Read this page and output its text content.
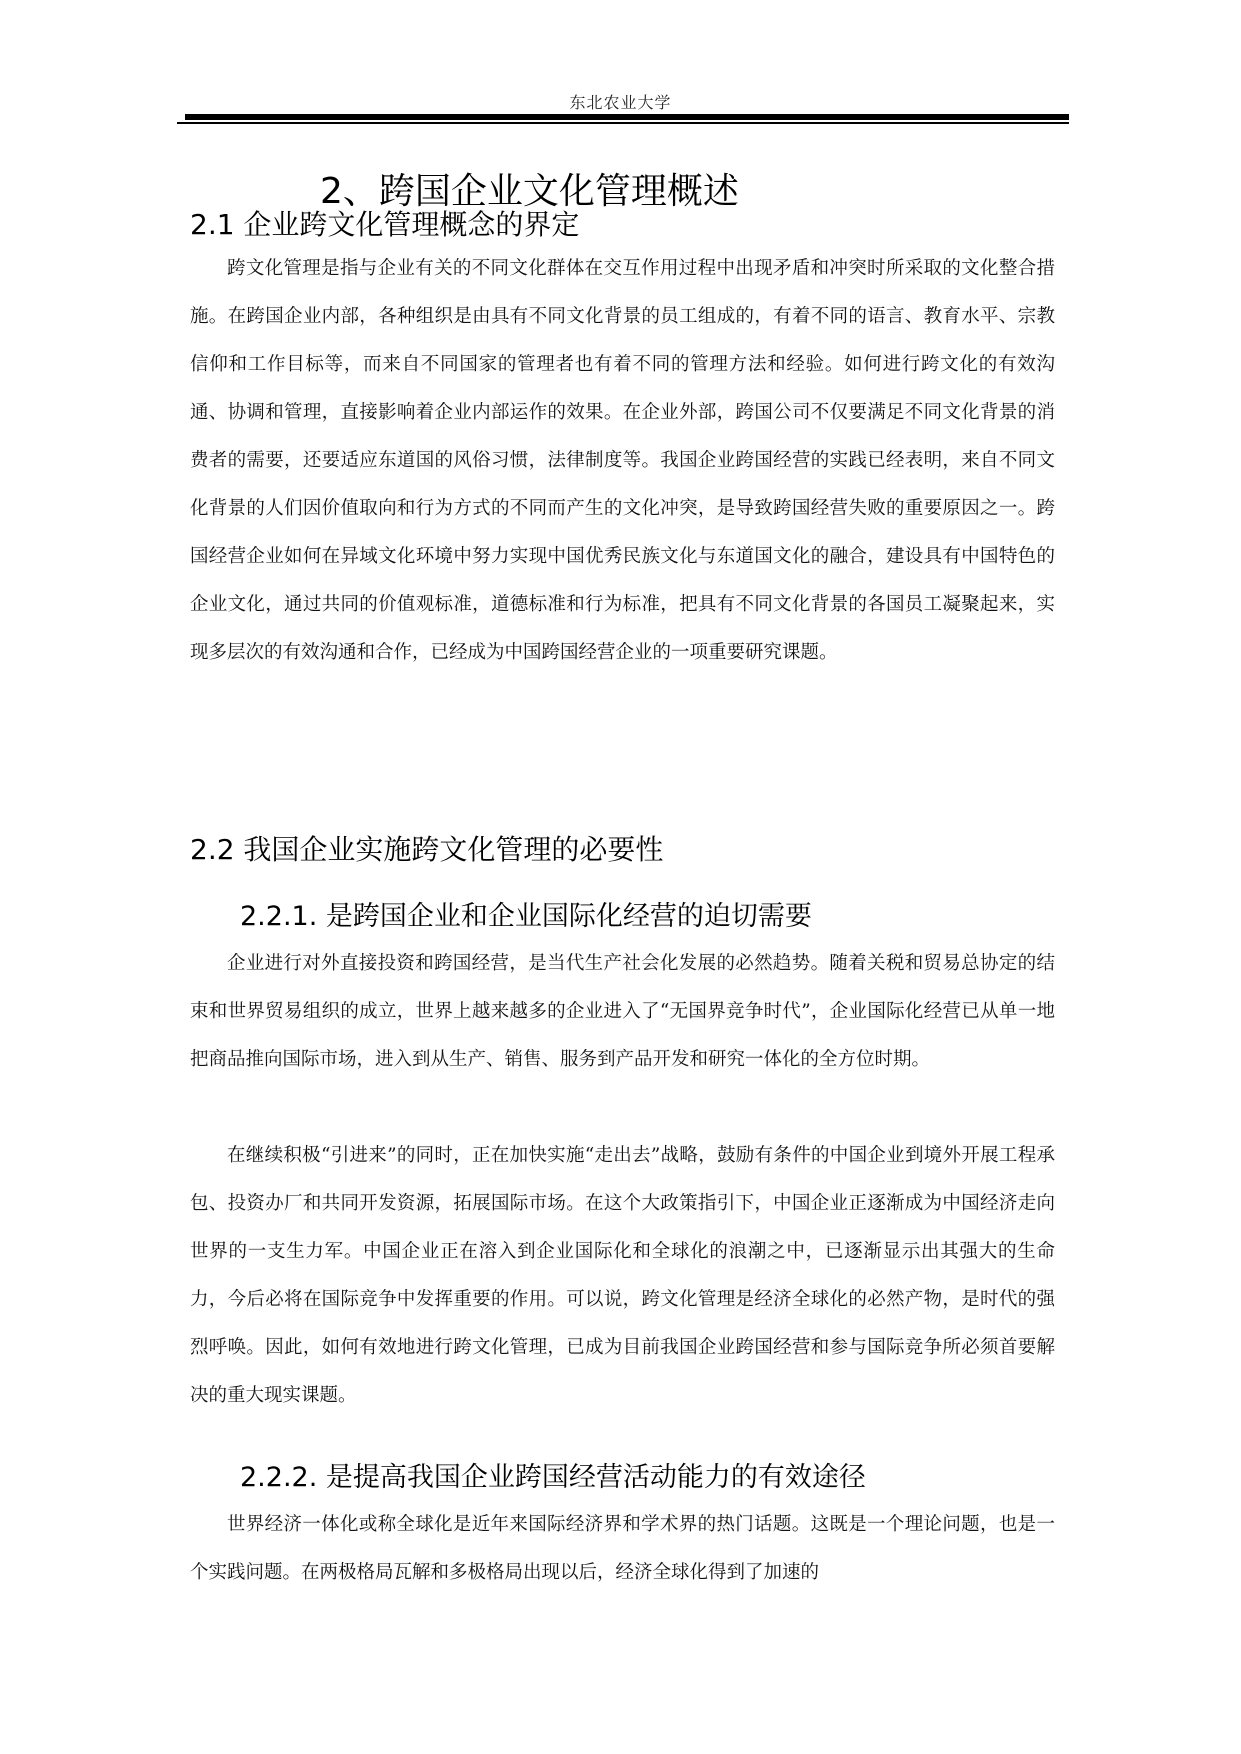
东北农业大学
2、跨国企业文化管理概述
2.1 企业跨文化管理概念的界定

跨文化管理是指与企业有关的不同文化群体在交互作用过程中出现矛盾和冲突时所采取的文化整合措施。在跨国企业内部，各种组织是由具有不同文化背景的员工组成的，有着不同的语言、教育水平、宗教信仰和工作目标等，而来自不同国家的管理者也有着不同的管理方法和经验。如何进行跨文化的有效沟通、协调和管理，直接影响着企业内部运作的效果。在企业外部，跨国公司不仅要满足不同文化背景的消费者的需要，还要适应东道国的风俗习惯，法律制度等。我国企业跨国经营的实践已经表明，来自不同文化背景的人们因价值取向和行为方式的不同而产生的文化冲突，是导致跨国经营失败的重要原因之一。跨国经营企业如何在异域文化环境中努力实现中国优秀民族文化与东道国文化的融合，建设具有中国特色的企业文化，通过共同的价值观标准，道德标准和行为标准，把具有不同文化背景的各国员工凝聚起来，实现多层次的有效沟通和合作，已经成为中国跨国经营企业的一项重要研究课题。

2.2 我国企业实施跨文化管理的必要性
2.2.1. 是跨国企业和企业国际化经营的迫切需要

企业进行对外直接投资和跨国经营，是当代生产社会化发展的必然趋势。随着关税和贸易总协定的结束和世界贸易组织的成立，世界上越来越多的企业进入了“无国界竞争时代”，企业国际化经营已从单一地把商品推向国际市场，进入到从生产、销售、服务到产品开发和研究一体化的全方位时期。

在继续积极“引进来”的同时，正在加快实施“走出去”战略，鼓励有条件的中国企业到境外开展工程承包、投资办厂和共同开发资源，拓展国际市场。在这个大政策指引下，中国企业正逐渐成为中国经济走向世界的一支生力军。中国企业正在溶入到企业国际化和全球化的浪潮之中，已逐渐显示出其强大的生命力，今后必将在国际竞争中发挥重要的作用。可以说，跨文化管理是经济全球化的必然产物，是时代的强烈呼唤。因此，如何有效地进行跨文化管理，已成为目前我国企业跨国经营和参与国际竞争所必须首要解决的重大现实课题。

2.2.2. 是提高我国企业跨国经营活动能力的有效途径

世界经济一体化或称全球化是近年来国际经济界和学术界的热门话题。这既是一个理论问题，也是一个实践问题。在两极格局瓦解和多极格局出现以后，经济全球化得到了加速的
